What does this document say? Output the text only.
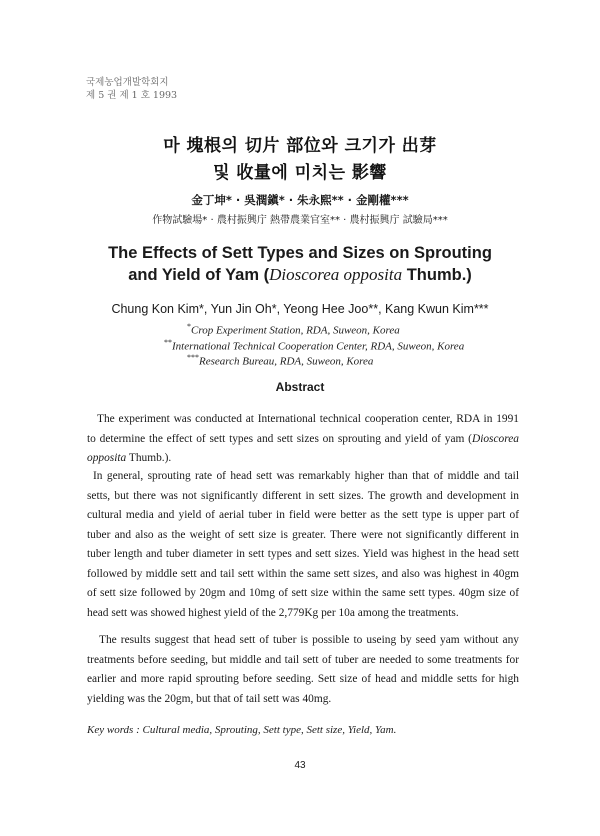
국제농업개발학회지
제 5 권 제 1 호 1993
마 塊根의 切片 部位와 크기가 出芽
및 收量에 미치는 影響
金丁坤* · 吳潤鎭* · 朱永熙** · 金剛權***
作物試驗場* · 農村振興庁 熱帶農業官室** · 農村振興庁 試驗局***
The Effects of Sett Types and Sizes on Sprouting
and Yield of Yam (Dioscorea opposita Thumb.)
Chung Kon Kim*, Yun Jin Oh*, Yeong Hee Joo**, Kang Kwun Kim***
*Crop Experiment Station, RDA, Suweon, Korea
**International Technical Cooperation Center, RDA, Suweon, Korea
***Research Bureau, RDA, Suweon, Korea
Abstract
The experiment was conducted at International technical cooperation center, RDA in 1991 to determine the effect of sett types and sett sizes on sprouting and yield of yam (Dioscorea opposita Thumb.).
In general, sprouting rate of head sett was remarkably higher than that of middle and tail setts, but there was not significantly different in sett sizes. The growth and development in cultural media and yield of aerial tuber in field were better as the sett type is upper part of tuber and also as the weight of sett size is greater. There were not significantly different in tuber length and tuber diameter in sett types and sett sizes. Yield was highest in the head sett followed by middle sett and tail sett within the same sett sizes, and also was highest in 40gm of sett size followed by 20gm and 10mg of sett size within the same sett types. 40gm size of head sett was showed highest yield of the 2,779Kg per 10a among the treatments.
The results suggest that head sett of tuber is possible to useing by seed yam without any treatments before seeding, but middle and tail sett of tuber are needed to some treatments for earlier and more rapid sprouting before seeding. Sett size of head and middle setts for high yielding was the 20gm, but that of tail sett was 40mg.
Key words : Cultural media, Sprouting, Sett type, Sett size, Yield, Yam.
43
